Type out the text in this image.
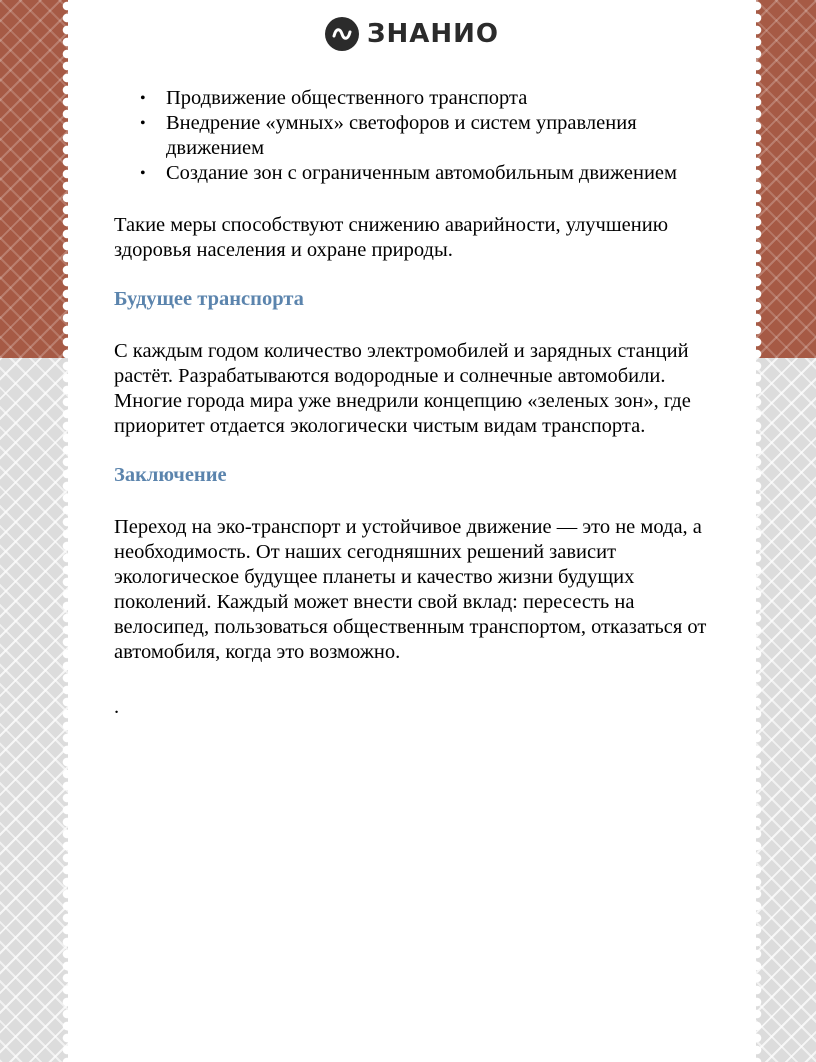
ЗНАНИО
• Продвижение общественного транспорта
• Внедрение «умных» светофоров и систем управления движением
• Создание зон с ограниченным автомобильным движением

Такие меры способствуют снижению аварийности, улучшению здоровья населения и охране природы.

Будущее транспорта

С каждым годом количество электромобилей и зарядных станций растёт. Разрабатываются водородные и солнечные автомобили. Многие города мира уже внедрили концепцию «зеленых зон», где приоритет отдается экологически чистым видам транспорта.

Заключение

Переход на эко-транспорт и устойчивое движение — это не мода, а необходимость. От наших сегодняшних решений зависит экологическое будущее планеты и качество жизни будущих поколений. Каждый может внести свой вклад: пересесть на велосипед, пользоваться общественным транспортом, отказаться от автомобиля, когда это возможно.

.
